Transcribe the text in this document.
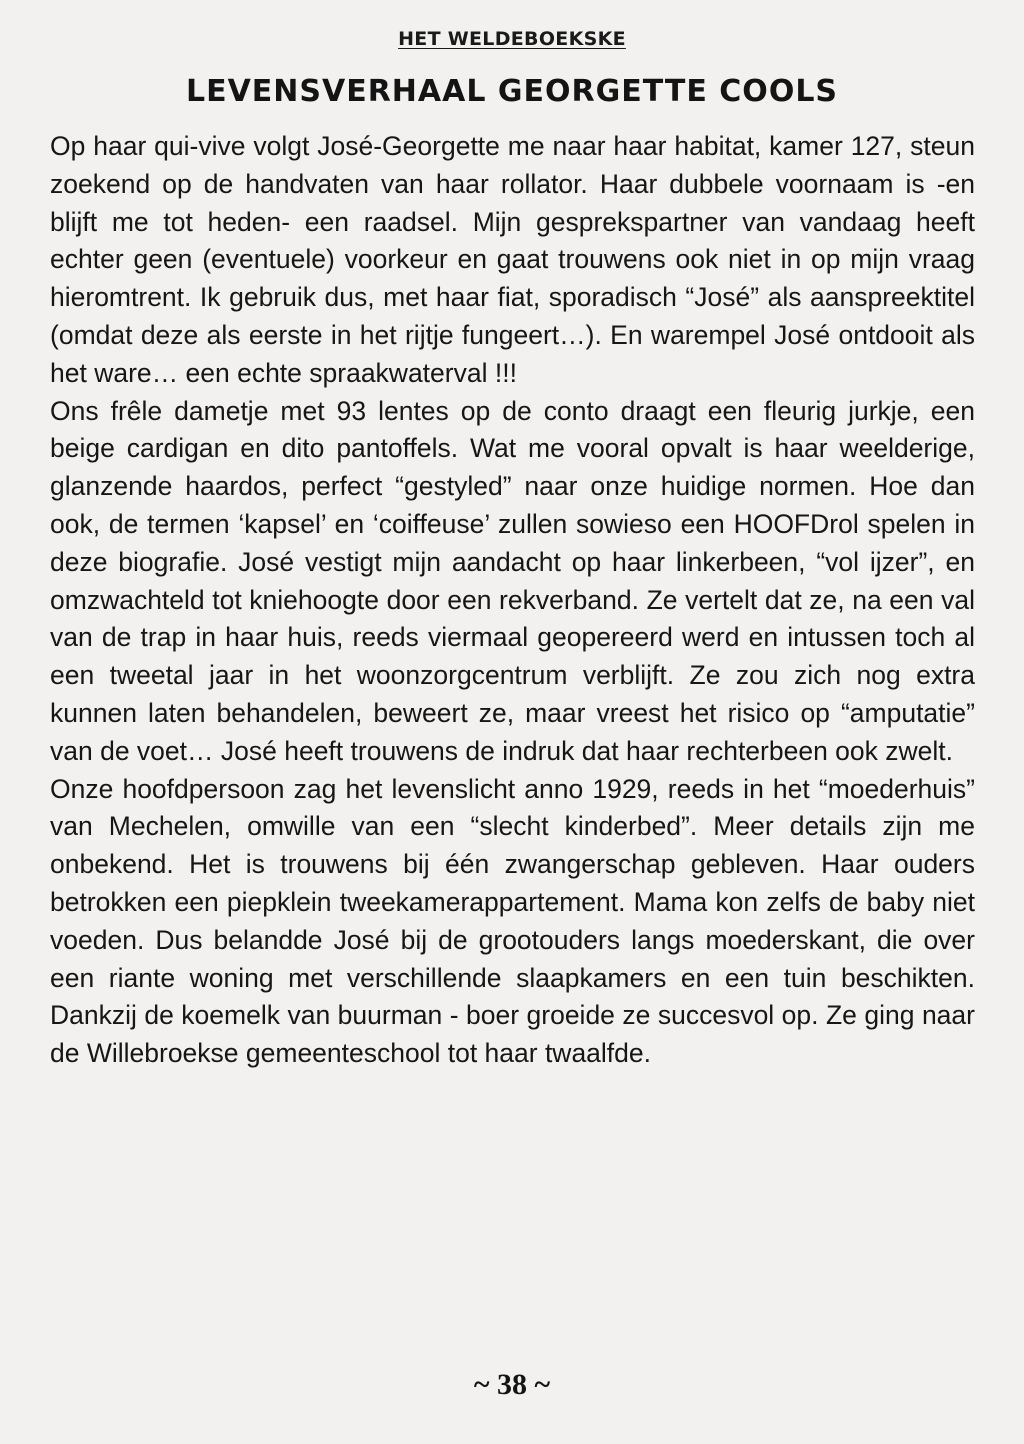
HET WELDEBOEKSKE
LEVENSVERHAAL GEORGETTE COOLS

Op haar qui-vive volgt José-Georgette me naar haar habitat, kamer 127, steun zoekend op de handvaten van haar rollator. Haar dubbele voornaam is -en blijft me tot heden- een raadsel. Mijn gesprekspartner van vandaag heeft echter geen (eventuele) voorkeur en gaat trouwens ook niet in op mijn vraag hieromtrent. Ik gebruik dus, met haar fiat, sporadisch “José” als aanspreektitel (omdat deze als eerste in het rijtje fungeert…). En warempel José ontdooit als het ware… een echte spraakwaterval !!!

Ons frêle dametje met 93 lentes op de conto draagt een fleurig jurkje, een beige cardigan en dito pantoffels. Wat me vooral opvalt is haar weelderige, glanzende haardos, perfect “gestyled” naar onze huidige normen. Hoe dan ook, de termen ‘kapsel’ en ‘coiffeuse’ zullen sowieso een HOOFDrol spelen in deze biografie. José vestigt mijn aandacht op haar linkerbeen, “vol ijzer”, en omzwachteld tot kniehoogte door een rekverband. Ze vertelt dat ze, na een val van de trap in haar huis, reeds viermaal geopereerd werd en intussen toch al een tweetal jaar in het woonzorgcentrum verblijft. Ze zou zich nog extra kunnen laten behandelen, beweert ze, maar vreest het risico op “amputatie” van de voet… José heeft trouwens de indruk dat haar rechterbeen ook zwelt.

Onze hoofdpersoon zag het levenslicht anno 1929, reeds in het “moederhuis” van Mechelen, omwille van een “slecht kinderbed”. Meer details zijn me onbekend. Het is trouwens bij één zwangerschap gebleven. Haar ouders betrokken een piepklein tweekamerappartement. Mama kon zelfs de baby niet voeden. Dus belandde José bij de grootouders langs moederskant, die over een riante woning met verschillende slaapkamers en een tuin beschikten. Dankzij de koemelk van buurman - boer groeide ze succesvol op. Ze ging naar de Willebroekse gemeenteschool tot haar twaalfde.

~ 38 ~
